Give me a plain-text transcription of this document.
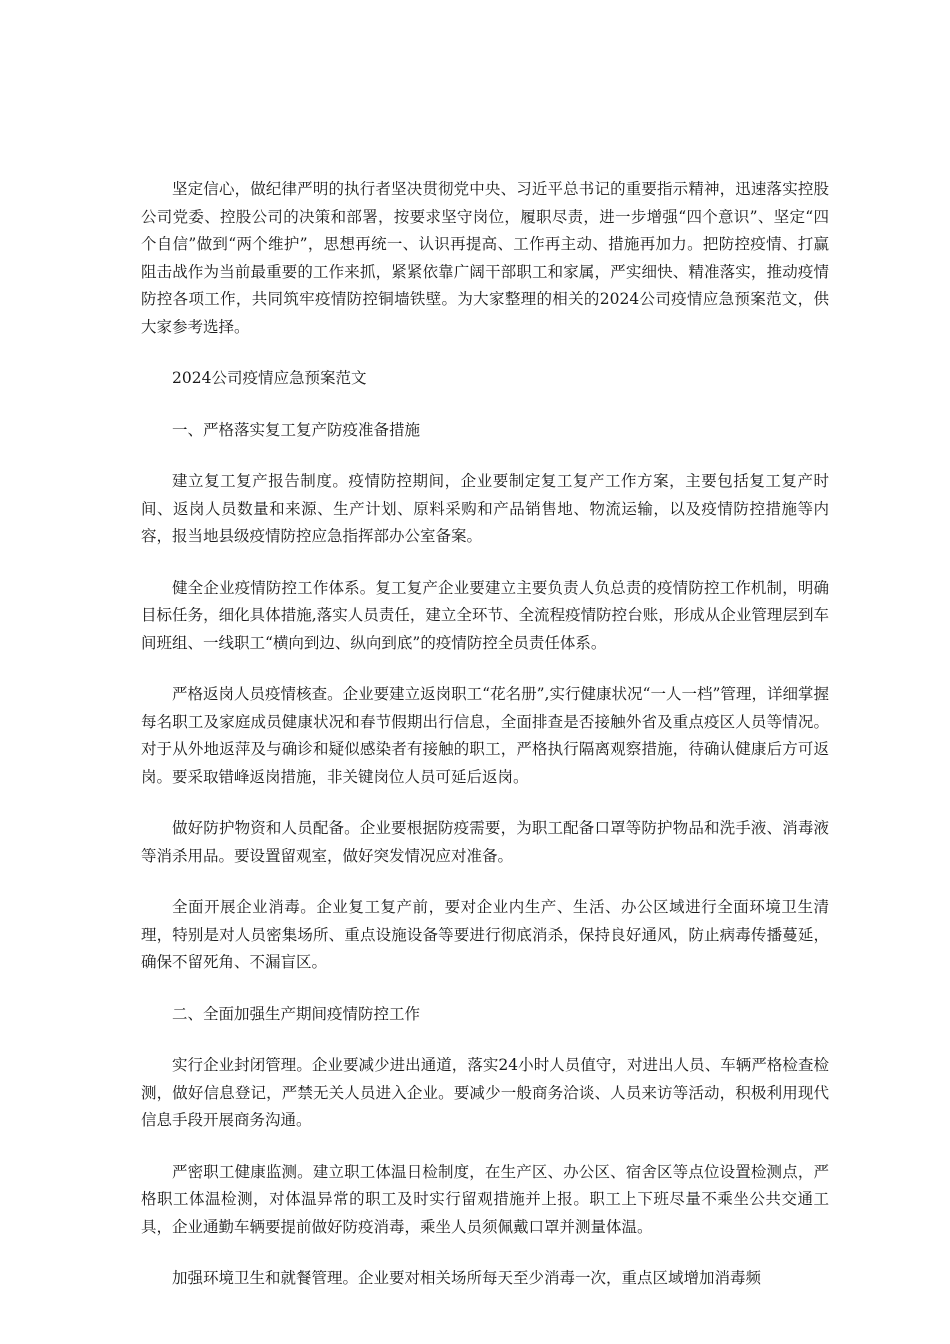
坚定信心，做纪律严明的执行者坚决贯彻党中央、习近平总书记的重要指示精神，迅速落实控股公司党委、控股公司的决策和部署，按要求坚守岗位，履职尽责，进一步增强“四个意识”、坚定“四个自信”做到“两个维护”，思想再统一、认识再提高、工作再主动、措施再加力。把防控疫情、打赢阻击战作为当前最重要的工作来抓，紧紧依靠广阔干部职工和家属，严实细快、精准落实，推动疫情防控各项工作，共同筑牢疫情防控铜墙铁壁。为大家整理的相关的2024公司疫情应急预案范文，供大家参考选择。

2024公司疫情应急预案范文

一、严格落实复工复产防疫准备措施

建立复工复产报告制度。疫情防控期间，企业要制定复工复产工作方案，主要包括复工复产时间、返岗人员数量和来源、生产计划、原料采购和产品销售地、物流运输，以及疫情防控措施等内容，报当地县级疫情防控应急指挥部办公室备案。

健全企业疫情防控工作体系。复工复产企业要建立主要负责人负总责的疫情防控工作机制，明确目标任务，细化具体措施,落实人员责任，建立全环节、全流程疫情防控台账，形成从企业管理层到车间班组、一线职工“横向到边、纵向到底”的疫情防控全员责任体系。

严格返岗人员疫情核查。企业要建立返岗职工“花名册”,实行健康状况“一人一档”管理，详细掌握每名职工及家庭成员健康状况和春节假期出行信息，全面排查是否接触外省及重点疫区人员等情况。对于从外地返萍及与确诊和疑似感染者有接触的职工，严格执行隔离观察措施，待确认健康后方可返岗。要采取错峰返岗措施，非关键岗位人员可延后返岗。

做好防护物资和人员配备。企业要根据防疫需要，为职工配备口罩等防护物品和洗手液、消毒液等消杀用品。要设置留观室，做好突发情况应对准备。

全面开展企业消毒。企业复工复产前，要对企业内生产、生活、办公区域进行全面环境卫生清理，特别是对人员密集场所、重点设施设备等要进行彻底消杀，保持良好通风，防止病毒传播蔓延，确保不留死角、不漏盲区。

二、全面加强生产期间疫情防控工作

实行企业封闭管理。企业要减少进出通道，落实24小时人员值守，对进出人员、车辆严格检查检测，做好信息登记，严禁无关人员进入企业。要减少一般商务洽谈、人员来访等活动，积极利用现代信息手段开展商务沟通。

严密职工健康监测。建立职工体温日检制度，在生产区、办公区、宿舍区等点位设置检测点，严格职工体温检测，对体温异常的职工及时实行留观措施并上报。职工上下班尽量不乘坐公共交通工具，企业通勤车辆要提前做好防疫消毒，乘坐人员须佩戴口罩并测量体温。

加强环境卫生和就餐管理。企业要对相关场所每天至少消毒一次，重点区域增加消毒频
